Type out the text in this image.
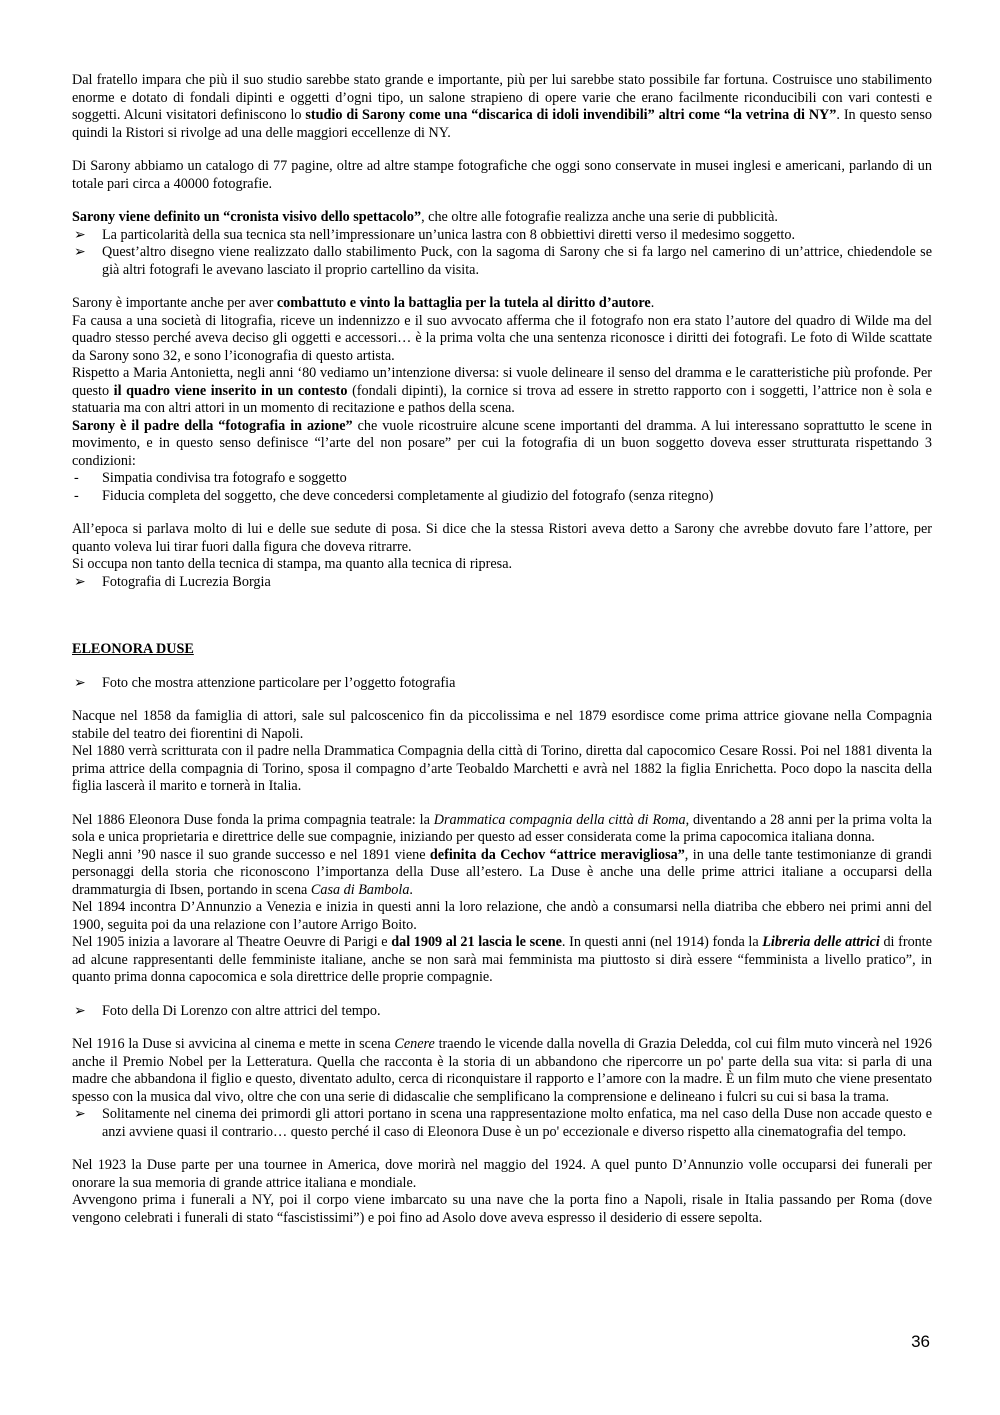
Dal fratello impara che più il suo studio sarebbe stato grande e importante, più per lui sarebbe stato possibile far fortuna. Costruisce uno stabilimento enorme e dotato di fondali dipinti e oggetti d’ogni tipo, un salone strapieno di opere varie che erano facilmente riconducibili con vari contesti e soggetti. Alcuni visitatori definiscono lo studio di Sarony come una “discarica di idoli invendibili” altri come “la vetrina di NY”. In questo senso quindi la Ristori si rivolge ad una delle maggiori eccellenze di NY.

Di Sarony abbiamo un catalogo di 77 pagine, oltre ad altre stampe fotografiche che oggi sono conservate in musei inglesi e americani, parlando di un totale pari circa a 40000 fotografie.

Sarony viene definito un “cronista visivo dello spettacolo”, che oltre alle fotografie realizza anche una serie di pubblicità.

➢ La particolarità della sua tecnica sta nell’impressionare un’unica lastra con 8 obbiettivi diretti verso il medesimo soggetto.
➢ Quest’altro disegno viene realizzato dallo stabilimento Puck, con la sagoma di Sarony che si fa largo nel camerino di un’attrice, chiedendole se già altri fotografi le avevano lasciato il proprio cartellino da visita.

Sarony è importante anche per aver combattuto e vinto la battaglia per la tutela al diritto d’autore.

Fa causa a una società di litografia, riceve un indennizzo e il suo avvocato afferma che il fotografo non era stato l’autore del quadro di Wilde ma del quadro stesso perché aveva deciso gli oggetti e accessori… è la prima volta che una sentenza riconosce i diritti dei fotografi. Le foto di Wilde scattate da Sarony sono 32, e sono l’iconografia di questo artista.

Rispetto a Maria Antonietta, negli anni ‘80 vediamo un’intenzione diversa: si vuole delineare il senso del dramma e le caratteristiche più profonde. Per questo il quadro viene inserito in un contesto (fondali dipinti), la cornice si trova ad essere in stretto rapporto con i soggetti, l’attrice non è sola e statuaria ma con altri attori in un momento di recitazione e pathos della scena.

Sarony è il padre della “fotografia in azione” che vuole ricostruire alcune scene importanti del dramma. A lui interessano soprattutto le scene in movimento, e in questo senso definisce “l’arte del non posare” per cui la fotografia di un buon soggetto doveva esser strutturata rispettando 3 condizioni:

- Simpatia condivisa tra fotografo e soggetto
- Fiducia completa del soggetto, che deve concedersi completamente al giudizio del fotografo (senza ritegno)

All’epoca si parlava molto di lui e delle sue sedute di posa. Si dice che la stessa Ristori aveva detto a Sarony che avrebbe dovuto fare l’attore, per quanto voleva lui tirar fuori dalla figura che doveva ritrarre.

Si occupa non tanto della tecnica di stampa, ma quanto alla tecnica di ripresa.

➢ Fotografia di Lucrezia Borgia

ELEONORA DUSE

➢ Foto che mostra attenzione particolare per l’oggetto fotografia

Nacque nel 1858 da famiglia di attori, sale sul palcoscenico fin da piccolissima e nel 1879 esordisce come prima attrice giovane nella Compagnia stabile del teatro dei fiorentini di Napoli.

Nel 1880 verrà scritturata con il padre nella Drammatica Compagnia della città di Torino, diretta dal capocomico Cesare Rossi. Poi nel 1881 diventa la prima attrice della compagnia di Torino, sposa il compagno d’arte Teobaldo Marchetti e avrà nel 1882 la figlia Enrichetta. Poco dopo la nascita della figlia lascerà il marito e tornerà in Italia.

Nel 1886 Eleonora Duse fonda la prima compagnia teatrale: la Drammatica compagnia della città di Roma, diventando a 28 anni per la prima volta la sola e unica proprietaria e direttrice delle sue compagnie, iniziando per questo ad esser considerata come la prima capocomica italiana donna.

Negli anni ’90 nasce il suo grande successo e nel 1891 viene definita da Cechov “attrice meravigliosa”, in una delle tante testimonianze di grandi personaggi della storia che riconoscono l’importanza della Duse all’estero. La Duse è anche una delle prime attrici italiane a occuparsi della drammaturgia di Ibsen, portando in scena Casa di Bambola.

Nel 1894 incontra D’Annunzio a Venezia e inizia in questi anni la loro relazione, che andò a consumarsi nella diatriba che ebbero nei primi anni del 1900, seguita poi da una relazione con l’autore Arrigo Boito.

Nel 1905 inizia a lavorare al Theatre Oeuvre di Parigi e dal 1909 al 21 lascia le scene. In questi anni (nel 1914) fonda la Libreria delle attrici di fronte ad alcune rappresentanti delle femministe italiane, anche se non sarà mai femminista ma piuttosto si dirà essere “femminista a livello pratico”, in quanto prima donna capocomica e sola direttrice delle proprie compagnie.

➢ Foto della Di Lorenzo con altre attrici del tempo.

Nel 1916 la Duse si avvicina al cinema e mette in scena Cenere traendo le vicende dalla novella di Grazia Deledda, col cui film muto vincerà nel 1926 anche il Premio Nobel per la Letteratura. Quella che racconta è la storia di un abbandono che ripercorre un po' parte della sua vita: si parla di una madre che abbandona il figlio e questo, diventato adulto, cerca di riconquistare il rapporto e l’amore con la madre. È un film muto che viene presentato spesso con la musica dal vivo, oltre che con una serie di didascalie che semplificano la comprensione e delineano i fulcri su cui si basa la trama.

➢ Solitamente nel cinema dei primordi gli attori portano in scena una rappresentazione molto enfatica, ma nel caso della Duse non accade questo e anzi avviene quasi il contrario… questo perché il caso di Eleonora Duse è un po' eccezionale e diverso rispetto alla cinematografia del tempo.

Nel 1923 la Duse parte per una tournee in America, dove morirà nel maggio del 1924. A quel punto D’Annunzio volle occuparsi dei funerali per onorare la sua memoria di grande attrice italiana e mondiale.

Avvengono prima i funerali a NY, poi il corpo viene imbarcato su una nave che la porta fino a Napoli, risale in Italia passando per Roma (dove vengono celebrati i funerali di stato “fascistissimi”) e poi fino ad Asolo dove aveva espresso il desiderio di essere sepolta.

36
